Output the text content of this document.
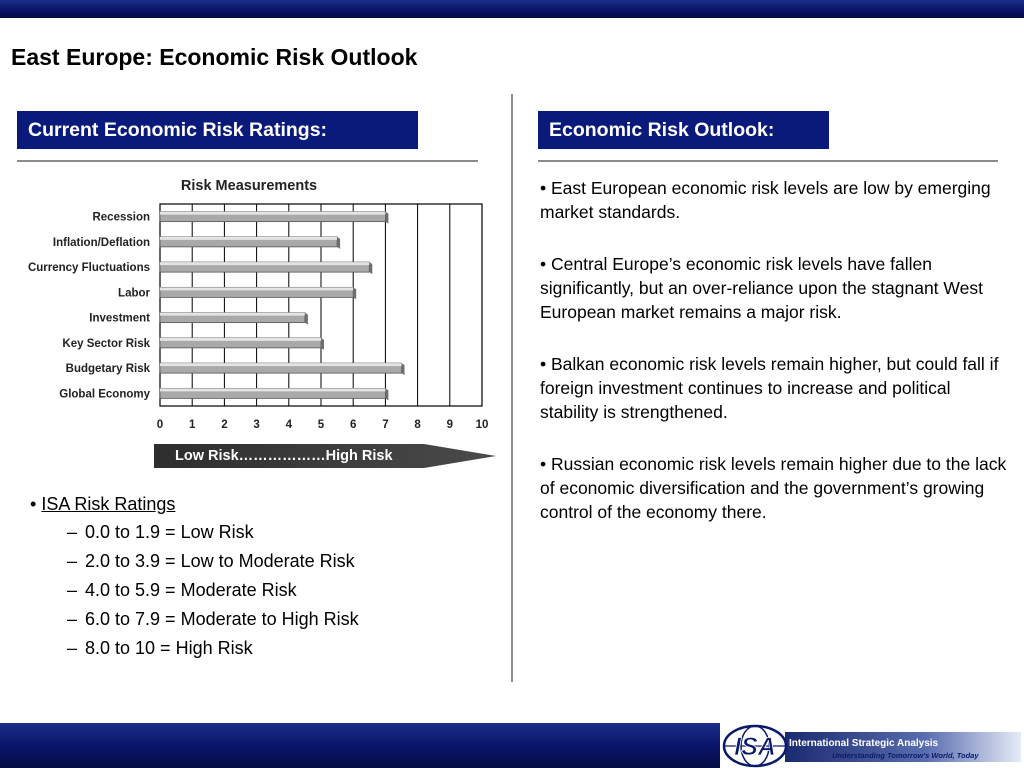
East Europe: Economic Risk Outlook
Current Economic Risk Ratings:
Risk Measurements
Recession
Inflation/Deflation
Currency Fluctuations
Labor
Investment
Key Sector Risk
Budgetary Risk
Global Economy
0 1 2 3 4 5 6 7 8 9 10
Low Risk………………High Risk
• ISA Risk Ratings
– 0.0 to 1.9 = Low Risk
– 2.0 to 3.9 = Low to Moderate Risk
– 4.0 to 5.9 = Moderate Risk
– 6.0 to 7.9 = Moderate to High Risk
– 8.0 to 10 = High Risk
Economic Risk Outlook:

• East European economic risk levels are low by emerging market standards.

• Central Europe’s economic risk levels have fallen significantly, but an over-reliance upon the stagnant West European market remains a major risk.

• Balkan economic risk levels remain higher, but could fall if foreign investment continues to increase and political stability is strengthened.

• Russian economic risk levels remain higher due to the lack of economic diversification and the government’s growing control of the economy there.

ISA International Strategic Analysis
Understanding Tomorrow's World, Today
